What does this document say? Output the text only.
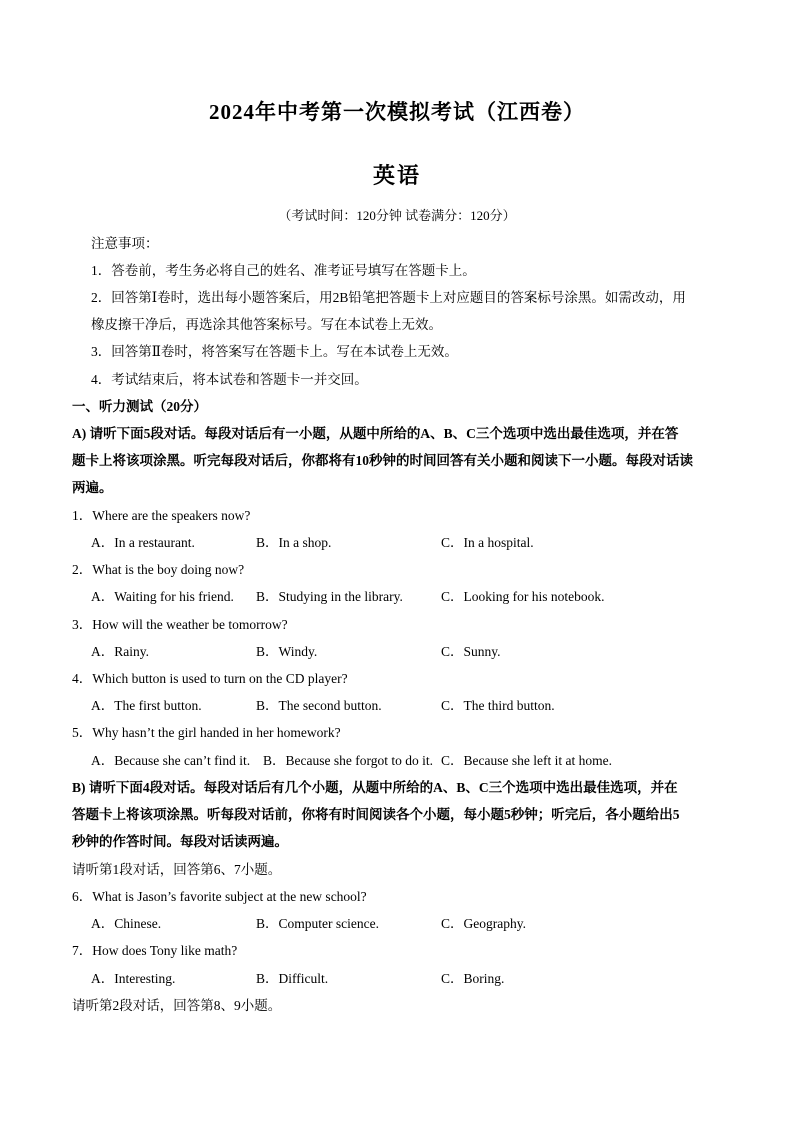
2024年中考第一次模拟考试（江西卷）
英语
（考试时间：120分钟 试卷满分：120分）
注意事项：
1．答卷前，考生务必将自己的姓名、准考证号填写在答题卡上。
2．回答第Ⅰ卷时，选出每小题答案后，用2B铅笔把答题卡上对应题目的答案标号涂黑。如需改动，用
橡皮擦干净后，再选涂其他答案标号。写在本试卷上无效。
3．回答第Ⅱ卷时，将答案写在答题卡上。写在本试卷上无效。
4．考试结束后，将本试卷和答题卡一并交回。
一、听力测试（20分）
A) 请听下面5段对话。每段对话后有一小题，从题中所给的A、B、C三个选项中选出最佳选项，并在答
题卡上将该项涂黑。听完每段对话后，你都将有10秒钟的时间回答有关小题和阅读下一小题。每段对话读
两遍。
1．Where are the speakers now?
A．In a restaurant.	B．In a shop.	C．In a hospital.
2．What is the boy doing now?
A．Waiting for his friend. B．Studying in the library.	C．Looking for his notebook.
3．How will the weather be tomorrow?
A．Rainy.	B．Windy.	C．Sunny.
4．Which button is used to turn on the CD player?
A．The first button.	B．The second button.	C．The third button.
5．Why hasn’t the girl handed in her homework?
A．Because she can’t find it. B．Because she forgot to do it. C．Because she left it at home.
B) 请听下面4段对话。每段对话后有几个小题，从题中所给的A、B、C三个选项中选出最佳选项，并在
答题卡上将该项涂黑。听每段对话前，你将有时间阅读各个小题，每小题5秒钟；听完后，各小题给出5
秒钟的作答时间。每段对话读两遍。
请听第1段对话，回答第6、7小题。
6．What is Jason’s favorite subject at the new school?
A．Chinese.	B．Computer science.	C．Geography.
7．How does Tony like math?
A．Interesting.	B．Difficult.	C．Boring.
请听第2段对话，回答第8、9小题。
